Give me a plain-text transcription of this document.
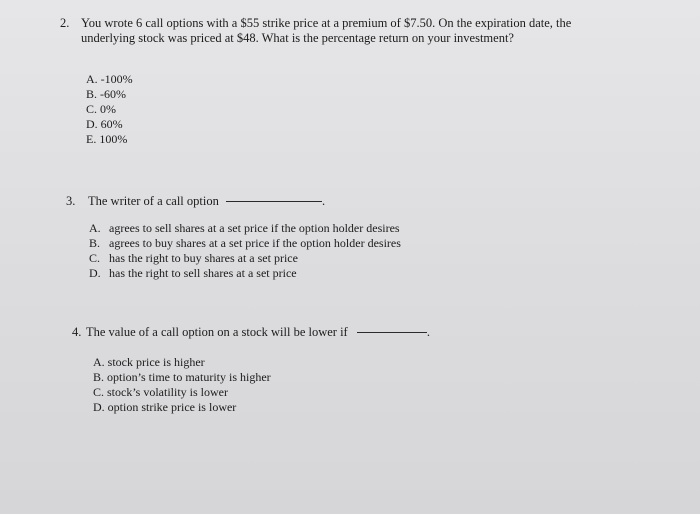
2. You wrote 6 call options with a $55 strike price at a premium of $7.50. On the expiration date, the
underlying stock was priced at $48. What is the percentage return on your investment?
A. -100%
B. -60%
C. 0%
D. 60%
E. 100%
3. The writer of a call option	.
A. agrees to sell shares at a set price if the option holder desires
B. agrees to buy shares at a set price if the option holder desires
C. has the right to buy shares at a set price
D. has the right to sell shares at a set price
4. The value of a call option on a stock will be lower if	.
A. stock price is higher
B. option’s time to maturity is higher
C. stock’s volatility is lower
D. option strike price is lower
